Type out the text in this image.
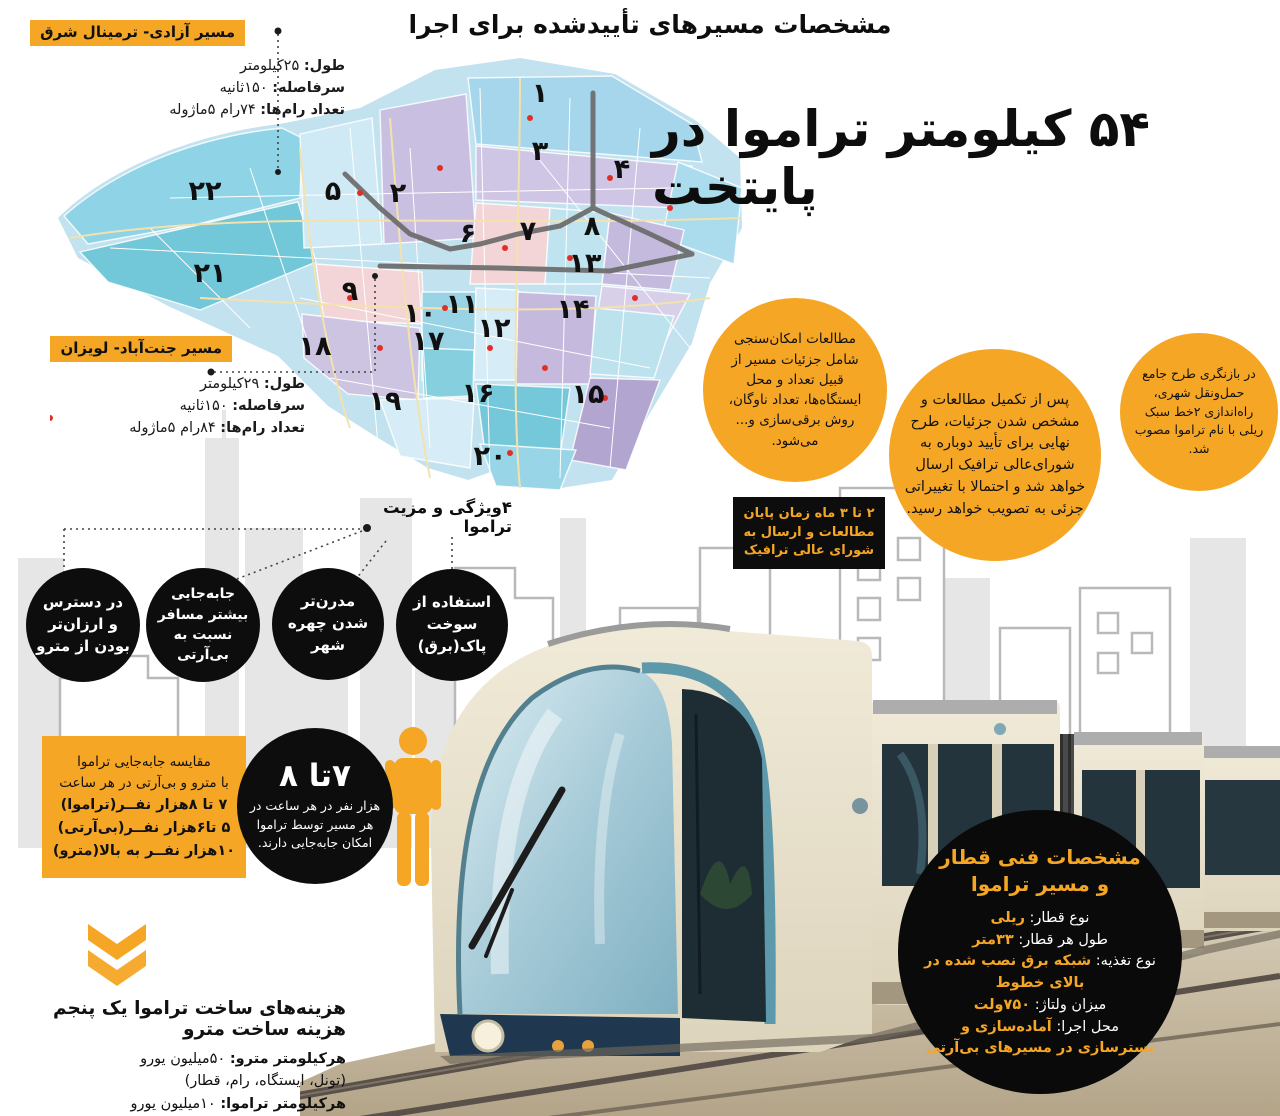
۱
۲
۳
۴
۵
۶ ۷ ۸
۹
۱۰ ۱۱
۱۲
۱۳
۱۴
۱۵
۱۶
۱۷
۱۸
۱۹
۲۰
۲۱
۲۲
مشخصات مسیرهای تأییدشده برای اجرا
۵۴ کیلومتر تراموا در پایتخت
مسیر آزادی- ترمینال شرق
طول: ۲۵کیلومتر
سرفاصله: ۱۵۰ثانیه
تعداد رام‌ها: ۷۴رام ۵ماژوله
مسیر جنت‌آباد- لویزان
طول: ۲۹کیلومتر
سرفاصله: ۱۵۰ثانیه
تعداد رام‌ها: ۸۴رام ۵ماژوله
مطالعات امکان‌سنجی شامل جزئیات مسیر از قبیل تعداد و محل ایستگاه‌ها، تعداد ناوگان، روش برقی‌سازی و... می‌شود.
پس از تکمیل مطالعات و مشخص شدن جزئیات، طرح نهایی برای تأیید دوباره به شورای‌عالی ترافیک ارسال خواهد شد و احتمالا با تغییراتی جزئی به تصویب خواهد رسید.
در بازنگری طرح جامع حمل‌ونقل شهری، راه‌اندازی ۲خط سبک ریلی با نام تراموا مصوب شد.
۲ تا ۳ ماه زمان پایان مطالعات و ارسال به شورای عالی ترافیک
۴ویژگی و مزیت تراموا
در دسترس و ارزان‌تر بودن از مترو
جابه‌جایی بیشتر مسافر نسبت به بی‌آرتی
مدرن‌تر شدن چهره شهر
استفاده از سوخت پاک(برق)
مقایسه جابه‌جایی تراموا
با مترو و بی‌آرتی در هر ساعت
۷ تا ۸هزار نفــر(تراموا)
۵ تا۶هزار نفــر(بی‌آرتی)
۱۰هزار نفــر به بالا(مترو)
۷تا ۸
هزار نفر در هر ساعت در هر مسیر توسط تراموا امکان جابه‌جایی دارند.
هزینه‌های ساخت تراموا یک پنجم هزینه ساخت مترو
هرکیلومتر مترو: ۵۰میلیون یورو
(تونل، ایستگاه، رام، قطار)
هرکیلومتر تراموا: ۱۰میلیون یورو
مشخصات فنی قطار و مسیر تراموا
نوع قطار: ریلی
طول هر قطار: ۳۳متر
نوع تغذیه: شبکه برق نصب شده در بالای خطوط
میزان ولتاژ: ۷۵۰ولت
محل اجرا: آماده‌سازی و بسترسازی در مسیرهای بی‌آرتی
